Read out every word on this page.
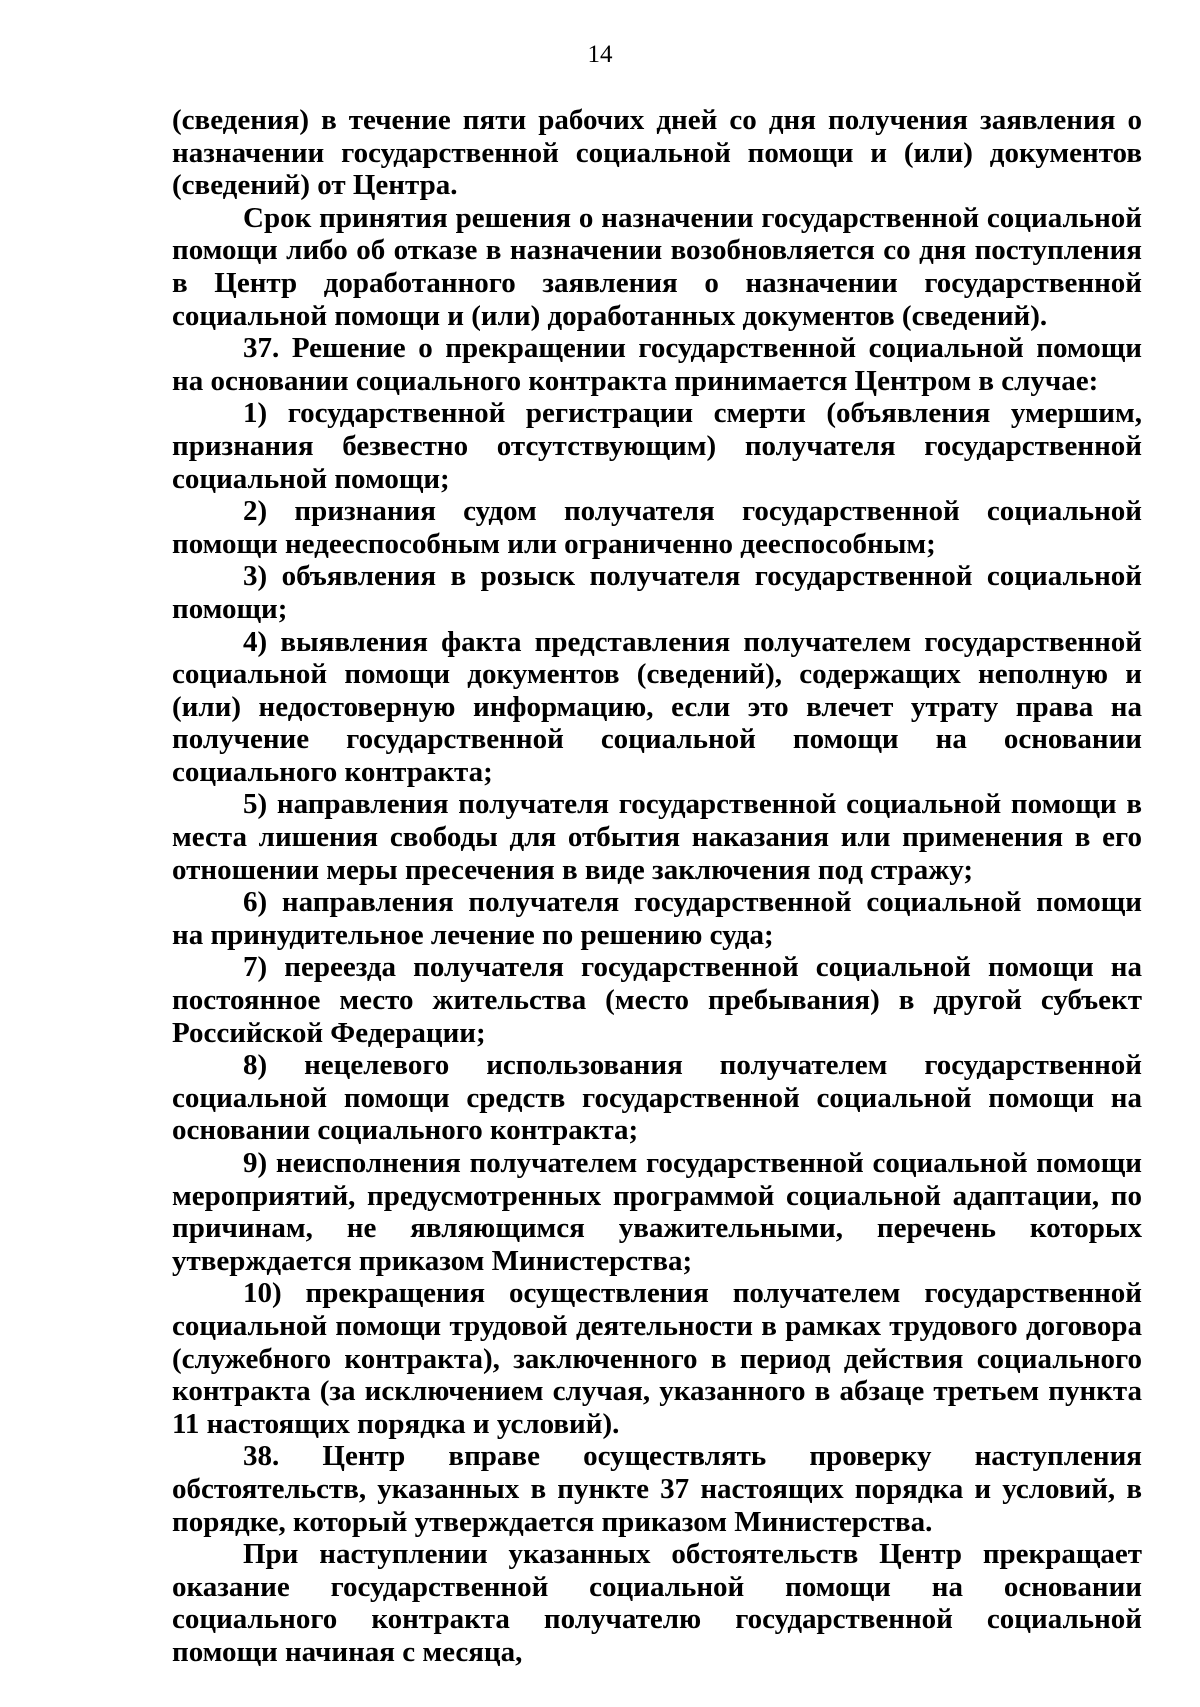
14

(сведения) в течение пяти рабочих дней со дня получения заявления о назначении государственной социальной помощи и (или) документов (сведений) от Центра.

Срок принятия решения о назначении государственной социальной помощи либо об отказе в назначении возобновляется со дня поступления в Центр доработанного заявления о назначении государственной социальной помощи и (или) доработанных документов (сведений).

37. Решение о прекращении государственной социальной помощи на основании социального контракта принимается Центром в случае:

1) государственной регистрации смерти (объявления умершим, признания безвестно отсутствующим) получателя государственной социальной помощи;

2) признания судом получателя государственной социальной помощи недееспособным или ограниченно дееспособным;

3) объявления в розыск получателя государственной социальной помощи;

4) выявления факта представления получателем государственной социальной помощи документов (сведений), содержащих неполную и (или) недостоверную информацию, если это влечет утрату права на получение государственной социальной помощи на основании социального контракта;

5) направления получателя государственной социальной помощи в места лишения свободы для отбытия наказания или применения в его отношении меры пресечения в виде заключения под стражу;

6) направления получателя государственной социальной помощи на принудительное лечение по решению суда;

7) переезда получателя государственной социальной помощи на постоянное место жительства (место пребывания) в другой субъект Российской Федерации;

8) нецелевого использования получателем государственной социальной помощи средств государственной социальной помощи на основании социального контракта;

9) неисполнения получателем государственной социальной помощи мероприятий, предусмотренных программой социальной адаптации, по причинам, не являющимся уважительными, перечень которых утверждается приказом Министерства;

10) прекращения осуществления получателем государственной социальной помощи трудовой деятельности в рамках трудового договора (служебного контракта), заключенного в период действия социального контракта (за исключением случая, указанного в абзаце третьем пункта 11 настоящих порядка и условий).

38. Центр вправе осуществлять проверку наступления обстоятельств, указанных в пункте 37 настоящих порядка и условий, в порядке, который утверждается приказом Министерства.

При наступлении указанных обстоятельств Центр прекращает оказание государственной социальной помощи на основании социального контракта получателю государственной социальной помощи начиная с месяца,
